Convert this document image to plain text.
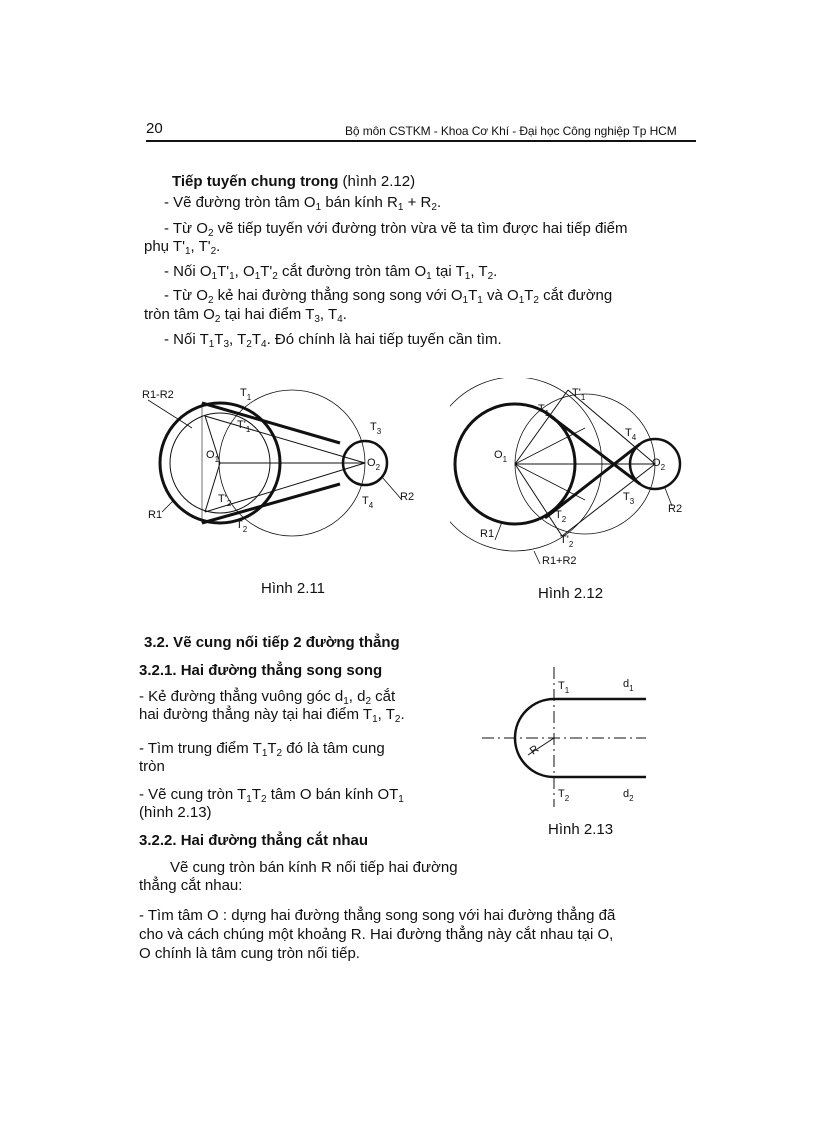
20	Bộ môn CSTKM - Khoa Cơ Khí - Đại học Công nghiệp Tp HCM
Tiếp tuyến chung trong (hình 2.12)
- Vẽ đường tròn tâm $O_1$ bán kính $R_1 + R_2$.
- Từ $O_2$ vẽ tiếp tuyến với đường tròn vừa vẽ ta tìm được hai tiếp điểm
phụ $T'_1$, $T'_2$.
- Nối $O_1T'_1$, $O_1T'_2$ cắt đường tròn tâm $O_1$ tại $T_1$, $T_2$.
- Từ $O_2$ kẻ hai đường thẳng song song với $O_1T_1$ và $O_1T_2$ cắt đường
tròn tâm $O_2$ tại hai điểm $T_3$, $T_4$.
- Nối $T_1T_3$, $T_2T_4$. Đó chính là hai tiếp tuyến cần tìm.
R1-R2	$T_1$
$T'_1$	$T_3$
$O_1$	$O_2$
$T'_2$	$T_4$
R2
R1
$T_2$
Hình 2.11
$T'_1$
$T_1$
$T_4$
$O_1$	$O_2$
$T_3$
R2
$T_2$
R1	$T'_2$
R1+R2
Hình 2.12
3.2. Vẽ cung nối tiếp 2 đường thẳng
3.2.1. Hai đường thẳng song song
- Kẻ đường thẳng vuông góc $d_1$, $d_2$ cắt
hai đường thẳng này tại hai điểm $T_1$, $T_2$.
- Tìm trung điểm $T_1T_2$ đó là tâm cung
tròn
- Vẽ cung tròn $T_1T_2$ tâm O bán kính $OT_1$
(hình 2.13)
$T_1$
$d_1$
R
$T_2$	$d_2$
Hình 2.13
3.2.2. Hai đường thẳng cắt nhau
Vẽ cung tròn bán kính R nối tiếp hai đường
thẳng cắt nhau:
- Tìm tâm O : dựng hai đường thẳng song song với hai đường thẳng đã
cho và cách chúng một khoảng R. Hai đường thẳng này cắt nhau tại O,
O chính là tâm cung tròn nối tiếp.
